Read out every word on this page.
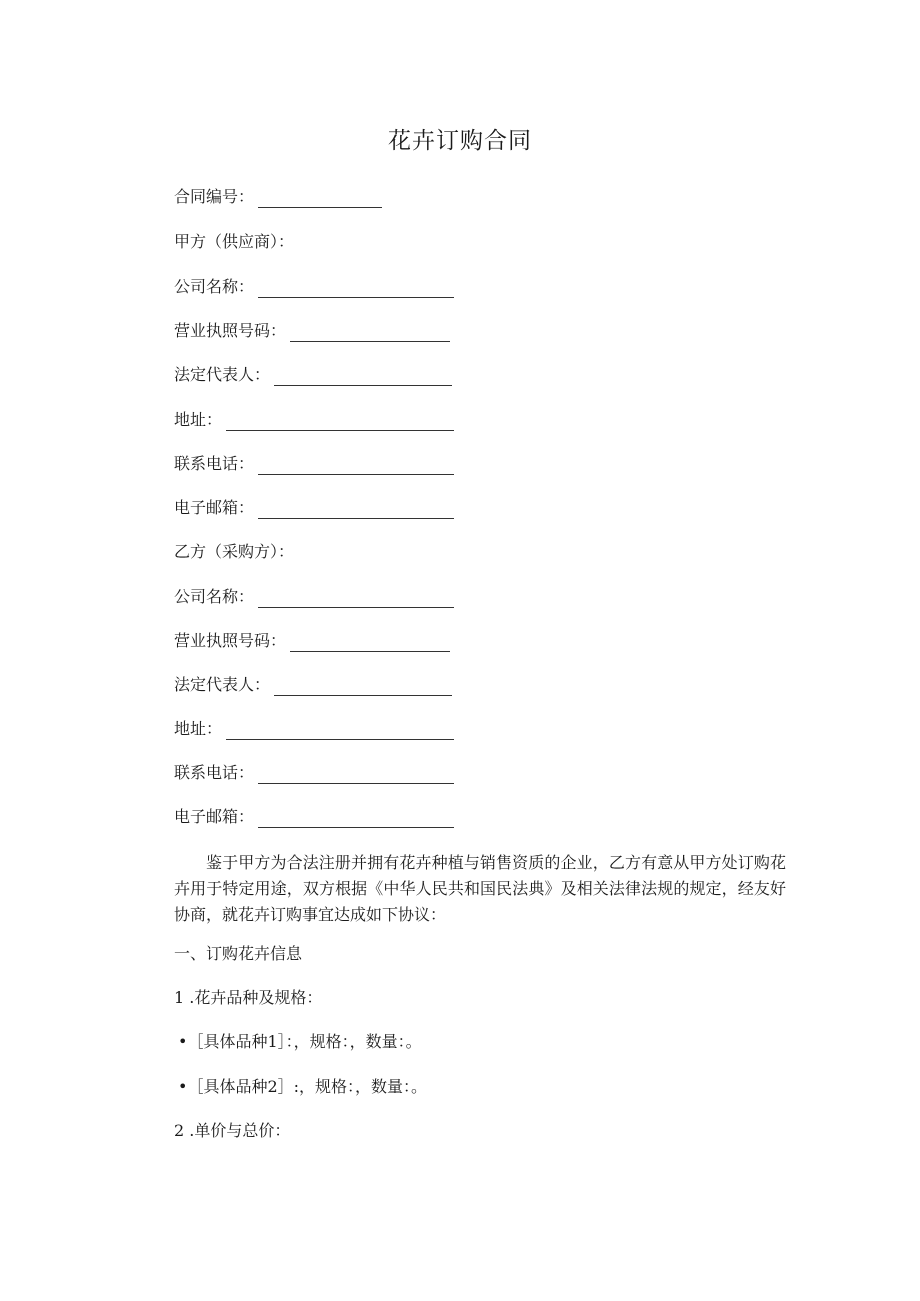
花卉订购合同
合同编号：
甲方（供应商）：
公司名称：
营业执照号码：
法定代表人：
地址：
联系电话：
电子邮箱：
乙方（采购方）：
公司名称：
营业执照号码：
法定代表人：
地址：
联系电话：
电子邮箱：
鉴于甲方为合法注册并拥有花卉种植与销售资质的企业，乙方有意从甲方处订购花卉用于特定用途，双方根据《中华人民共和国民法典》及相关法律法规的规定，经友好协商，就花卉订购事宜达成如下协议：
一、订购花卉信息
1 .花卉品种及规格：
•［具体品种1］：，规格：，数量：。
•［具体品种2］:，规格：，数量：。
2 .单价与总价：
